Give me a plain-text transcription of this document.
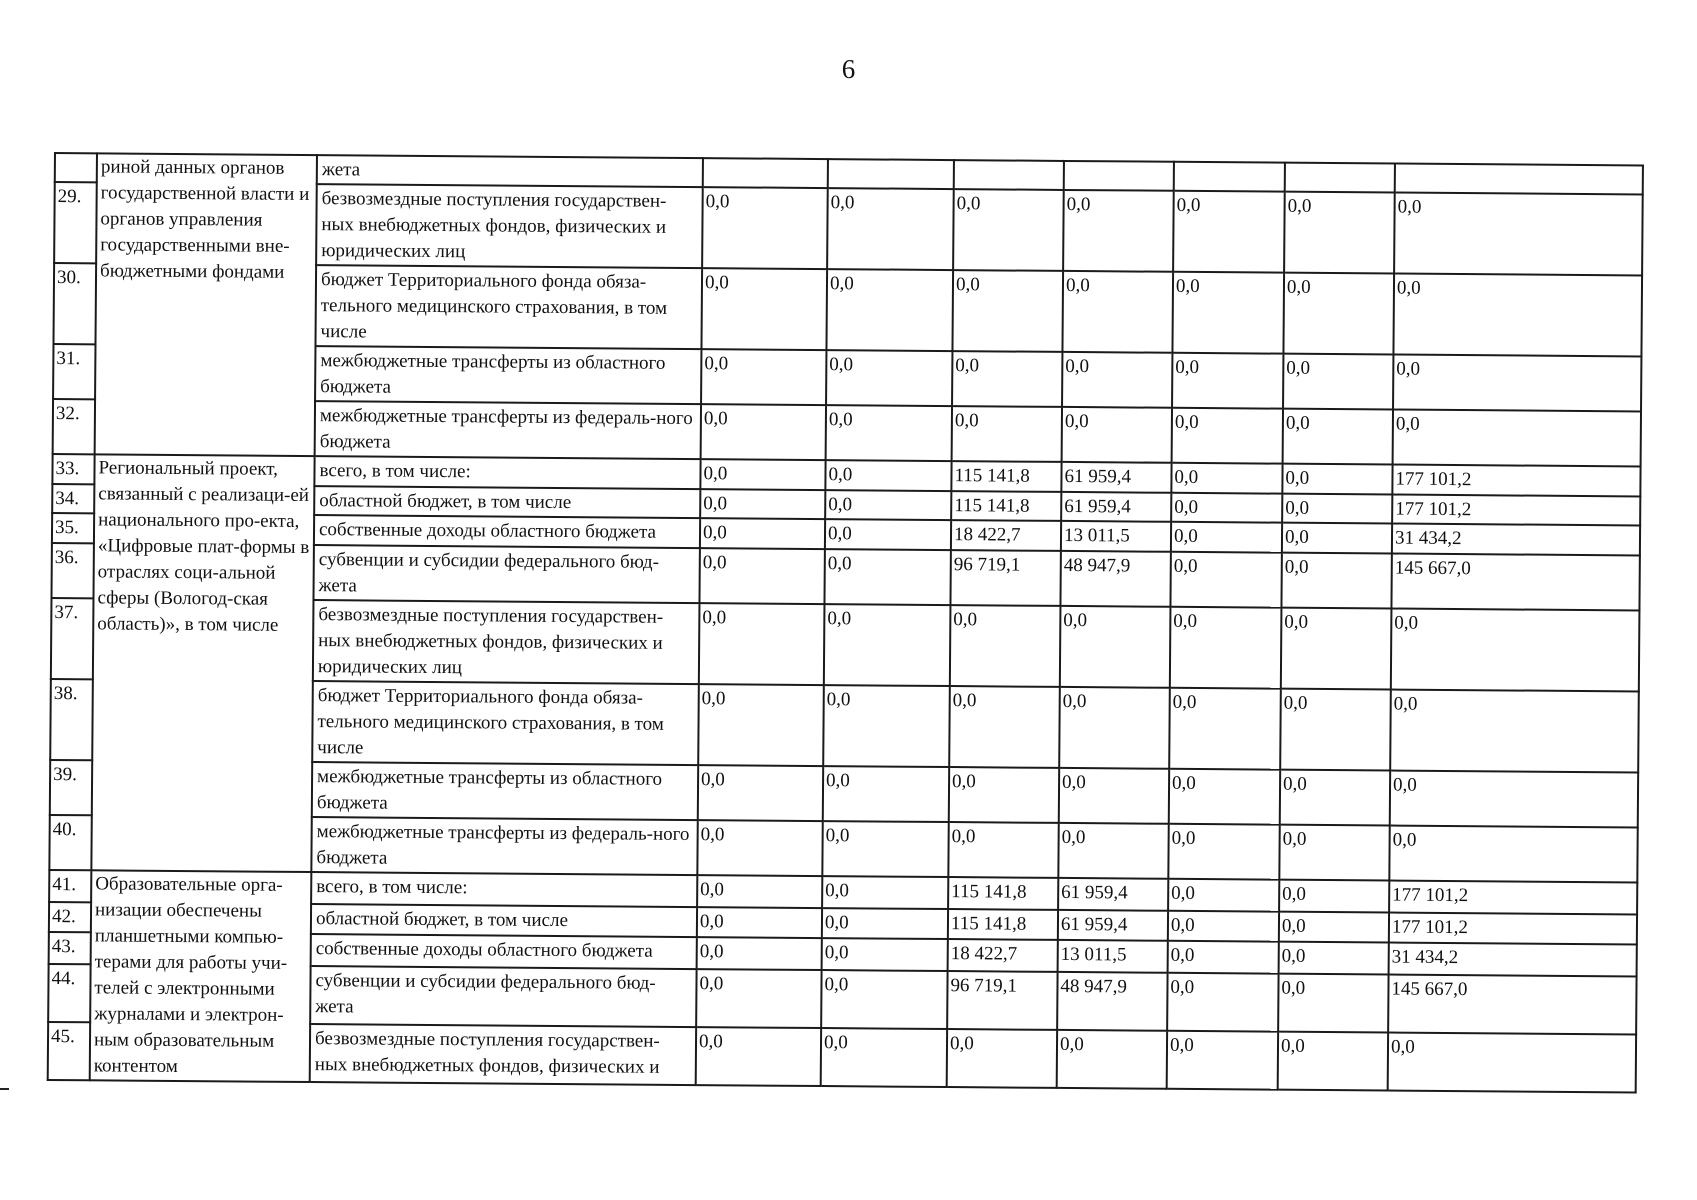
6
	риной данных органов государственной власти и органов управления государственными вне-бюджетными фондами	жета							
29.		безвозмездные поступления государствен-ных внебюджетных фондов, физических и юридических лиц	0,0	0,0	0,0	0,0	0,0	0,0	0,0
30.		бюджет Территориального фонда обяза-тельного медицинского страхования, в том числе	0,0	0,0	0,0	0,0	0,0	0,0	0,0
31.		межбюджетные трансферты из областного бюджета	0,0	0,0	0,0	0,0	0,0	0,0	0,0
32.		межбюджетные трансферты из федераль-ного бюджета	0,0	0,0	0,0	0,0	0,0	0,0	0,0
33.	Региональный проект, связанный с реализаци-ей национального про-екта, «Цифровые плат-формы в отраслях соци-альной сферы (Вологод-ская область)», в том числе	всего, в том числе:	0,0	0,0	115 141,8	61 959,4	0,0	0,0	177 101,2
34.		областной бюджет, в том числе	0,0	0,0	115 141,8	61 959,4	0,0	0,0	177 101,2
35.		собственные доходы областного бюджета	0,0	0,0	18 422,7	13 011,5	0,0	0,0	31 434,2
36.		субвенции и субсидии федерального бюд-жета	0,0	0,0	96 719,1	48 947,9	0,0	0,0	145 667,0
37.		безвозмездные поступления государствен-ных внебюджетных фондов, физических и юридических лиц	0,0	0,0	0,0	0,0	0,0	0,0	0,0
38.		бюджет Территориального фонда обяза-тельного медицинского страхования, в том числе	0,0	0,0	0,0	0,0	0,0	0,0	0,0
39.		межбюджетные трансферты из областного бюджета	0,0	0,0	0,0	0,0	0,0	0,0	0,0
40.		межбюджетные трансферты из федераль-ного бюджета	0,0	0,0	0,0	0,0	0,0	0,0	0,0
41.	Образовательные орга-низации обеспечены планшетными компью-терами для работы учи-телей с электронными журналами и электрон-ным образовательным контентом	всего, в том числе:	0,0	0,0	115 141,8	61 959,4	0,0	0,0	177 101,2
42.		областной бюджет, в том числе	0,0	0,0	115 141,8	61 959,4	0,0	0,0	177 101,2
43.		собственные доходы областного бюджета	0,0	0,0	18 422,7	13 011,5	0,0	0,0	31 434,2
44.		субвенции и субсидии федерального бюд-жета	0,0	0,0	96 719,1	48 947,9	0,0	0,0	145 667,0
45.		безвозмездные поступления государствен-ных внебюджетных фондов, физических и	0,0	0,0	0,0	0,0	0,0	0,0	0,0
